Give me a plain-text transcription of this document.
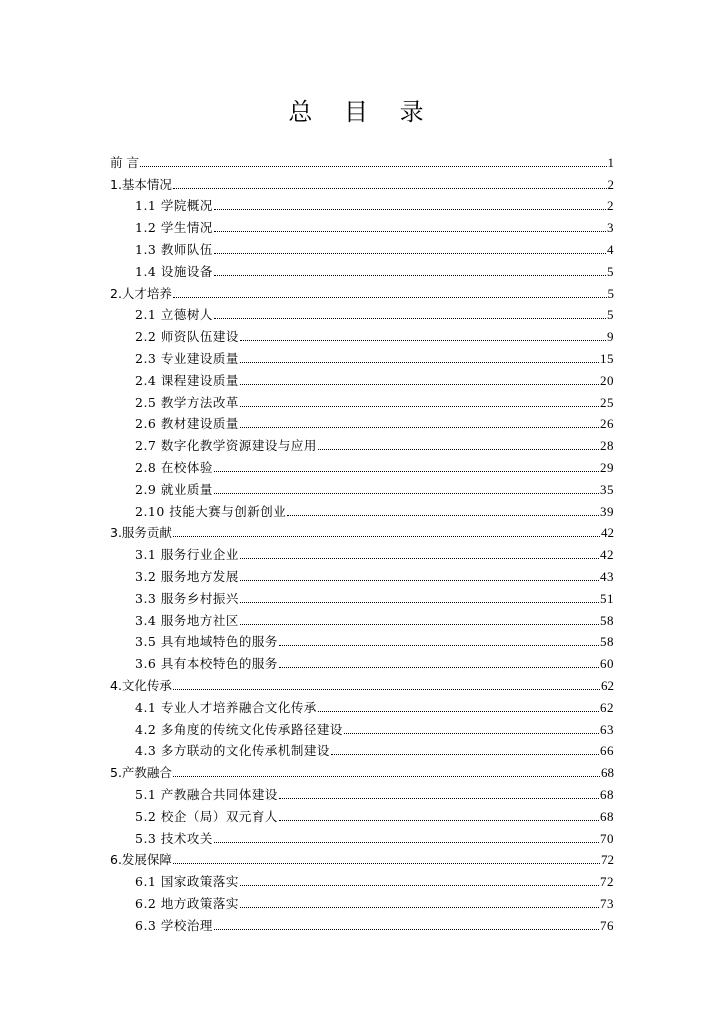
总 目 录
前 言	1
1.基本情况	2
1.1 学院概况	2
1.2 学生情况	3
1.3 教师队伍	4
1.4 设施设备	5
2.人才培养	5
2.1 立德树人	5
2.2 师资队伍建设	9
2.3 专业建设质量	15
2.4 课程建设质量	20
2.5 教学方法改革	25
2.6 教材建设质量	26
2.7 数字化教学资源建设与应用	28
2.8 在校体验	29
2.9 就业质量	35
2.10 技能大赛与创新创业	39
3.服务贡献	42
3.1 服务行业企业	42
3.2 服务地方发展	43
3.3 服务乡村振兴	51
3.4 服务地方社区	58
3.5 具有地域特色的服务	58
3.6 具有本校特色的服务	60
4.文化传承	62
4.1 专业人才培养融合文化传承	62
4.2 多角度的传统文化传承路径建设	63
4.3 多方联动的文化传承机制建设	66
5.产教融合	68
5.1 产教融合共同体建设	68
5.2 校企（局）双元育人	68
5.3 技术攻关	70
6.发展保障	72
6.1 国家政策落实	72
6.2 地方政策落实	73
6.3 学校治理	76
